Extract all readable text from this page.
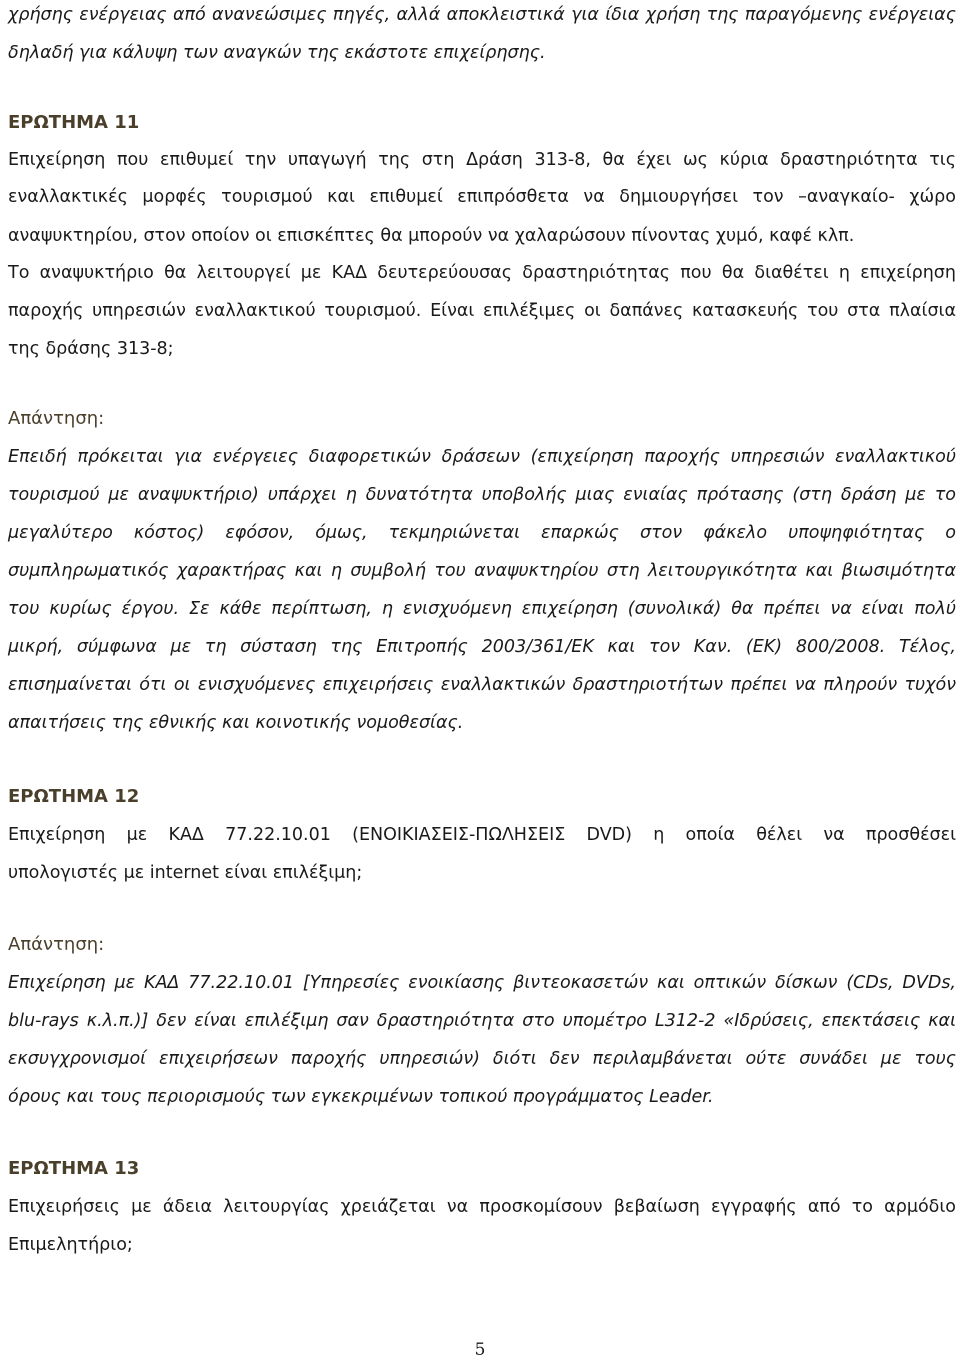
χρήσης ενέργειας από ανανεώσιμες πηγές, αλλά αποκλειστικά για ίδια χρήση της παραγόμενης ενέργειας
δηλαδή για κάλυψη των αναγκών της εκάστοτε επιχείρησης.
ΕΡΩΤΗΜΑ 11
Επιχείρηση που επιθυμεί την υπαγωγή της στη Δράση 313-8, θα έχει ως κύρια δραστηριότητα τις
εναλλακτικές μορφές τουρισμού και επιθυμεί επιπρόσθετα να δημιουργήσει τον –αναγκαίο- χώρο
αναψυκτηρίου, στον οποίον οι επισκέπτες θα μπορούν να χαλαρώσουν πίνοντας χυμό, καφέ κλπ.
Το αναψυκτήριο θα λειτουργεί με ΚΑΔ δευτερεύουσας δραστηριότητας που θα διαθέτει η επιχείρηση
παροχής υπηρεσιών εναλλακτικού τουρισμού. Είναι επιλέξιμες οι δαπάνες κατασκευής του στα πλαίσια
της δράσης 313-8;
Απάντηση:
Επειδή πρόκειται για ενέργειες διαφορετικών δράσεων (επιχείρηση παροχής υπηρεσιών εναλλακτικού
τουρισμού με αναψυκτήριο) υπάρχει η δυνατότητα υποβολής μιας ενιαίας πρότασης (στη δράση με το
μεγαλύτερο κόστος) εφόσον, όμως, τεκμηριώνεται επαρκώς στον φάκελο υποψηφιότητας ο
συμπληρωματικός χαρακτήρας και η συμβολή του αναψυκτηρίου στη λειτουργικότητα και βιωσιμότητα
του κυρίως έργου. Σε κάθε περίπτωση, η ενισχυόμενη επιχείρηση (συνολικά) θα πρέπει να είναι πολύ
μικρή, σύμφωνα με τη σύσταση της Επιτροπής 2003/361/ΕΚ και τον Καν. (ΕΚ) 800/2008. Τέλος,
επισημαίνεται ότι οι ενισχυόμενες επιχειρήσεις εναλλακτικών δραστηριοτήτων πρέπει να πληρούν τυχόν
απαιτήσεις της εθνικής και κοινοτικής νομοθεσίας.
ΕΡΩΤΗΜΑ 12
Επιχείρηση με ΚΑΔ 77.22.10.01 (ΕΝΟΙΚΙΑΣΕΙΣ-ΠΩΛΗΣΕΙΣ DVD) η οποία θέλει να προσθέσει
υπολογιστές με internet είναι επιλέξιμη;
Απάντηση:
Επιχείρηση με ΚΑΔ 77.22.10.01 [Υπηρεσίες ενοικίασης βιντεοκασετών και οπτικών δίσκων (CDs, DVDs,
blu-rays κ.λ.π.)] δεν είναι επιλέξιμη σαν δραστηριότητα στο υπομέτρο L312-2 «Ιδρύσεις, επεκτάσεις και
εκσυγχρονισμοί επιχειρήσεων παροχής υπηρεσιών) διότι δεν περιλαμβάνεται ούτε συνάδει με τους
όρους και τους περιορισμούς των εγκεκριμένων τοπικού προγράμματος Leader.
ΕΡΩΤΗΜΑ 13
Επιχειρήσεις με άδεια λειτουργίας χρειάζεται να προσκομίσουν βεβαίωση εγγραφής από το αρμόδιο
Επιμελητήριο;
5
